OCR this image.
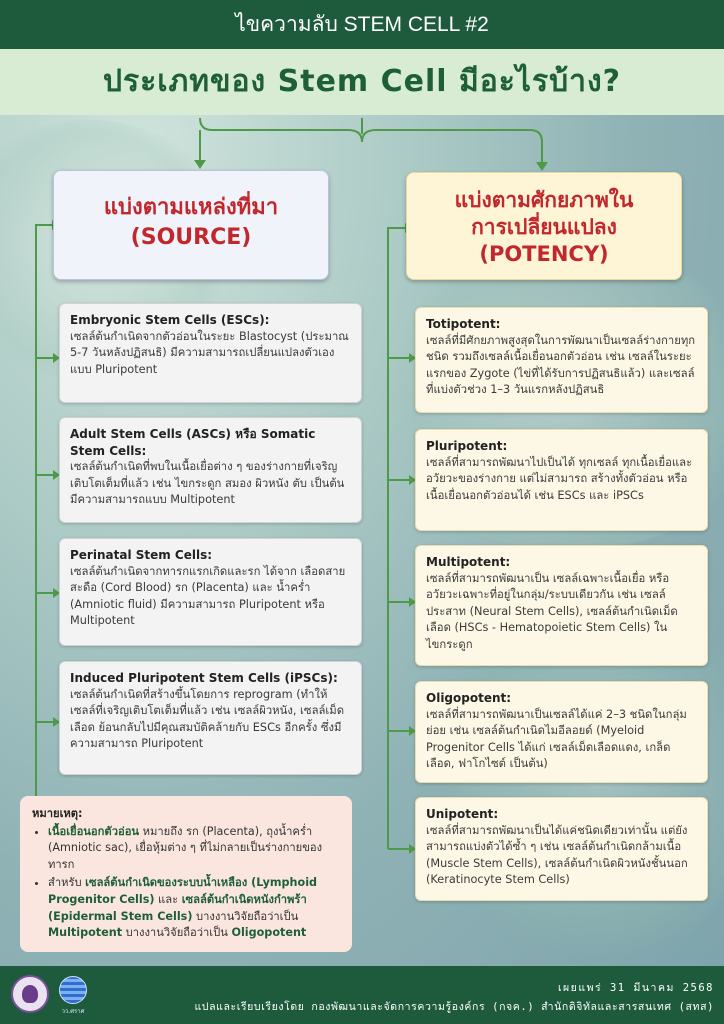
ไขความลับ STEM CELL #2
ประเภทของ Stem Cell มีอะไรบ้าง?
แบ่งตามแหล่งที่มา
(SOURCE)
แบ่งตามศักยภาพใน
การเปลี่ยนแปลง
(POTENCY)
Embryonic Stem Cells (ESCs):
เซลล์ต้นกำเนิดจากตัวอ่อนในระยะ Blastocyst (ประมาณ 5-7 วันหลังปฏิสนธิ) มีความสามารถเปลี่ยนแปลงตัวเองแบบ Pluripotent
Adult Stem Cells (ASCs) หรือ Somatic Stem Cells:
เซลล์ต้นกำเนิดที่พบในเนื้อเยื่อต่าง ๆ ของร่างกายที่เจริญเติบโตเต็มที่แล้ว เช่น ไขกระดูก สมอง ผิวหนัง ตับ เป็นต้น มีความสามารถแบบ Multipotent
Perinatal Stem Cells:
เซลล์ต้นกำเนิดจากทารกแรกเกิดและรก ได้จาก เลือดสายสะดือ (Cord Blood) รก (Placenta) และ น้ำคร่ำ (Amniotic fluid) มีความสามารถ Pluripotent หรือ Multipotent
Induced Pluripotent Stem Cells (iPSCs):
เซลล์ต้นกำเนิดที่สร้างขึ้นโดยการ reprogram (ทำให้เซลล์ที่เจริญเติบโตเต็มที่แล้ว เช่น เซลล์ผิวหนัง, เซลล์เม็ดเลือด ย้อนกลับไปมีคุณสมบัติคล้ายกับ ESCs อีกครั้ง ซึ่งมีความสามารถ Pluripotent
Totipotent:
เซลล์ที่มีศักยภาพสูงสุดในการพัฒนาเป็นเซลล์ร่างกายทุกชนิด รวมถึงเซลล์เนื้อเยื่อนอกตัวอ่อน เช่น เซลล์ในระยะแรกของ Zygote (ไข่ที่ได้รับการปฏิสนธิแล้ว) และเซลล์ที่แบ่งตัวช่วง 1–3 วันแรกหลังปฏิสนธิ
Pluripotent:
เซลล์ที่สามารถพัฒนาไปเป็นได้ ทุกเซลล์ ทุกเนื้อเยื่อและอวัยวะของร่างกาย แต่ไม่สามารถ สร้างทั้งตัวอ่อน หรือ เนื้อเยื่อนอกตัวอ่อนได้ เช่น ESCs และ iPSCs
Multipotent:
เซลล์ที่สามารถพัฒนาเป็น เซลล์เฉพาะเนื้อเยื่อ หรืออวัยวะเฉพาะที่อยู่ในกลุ่ม/ระบบเดียวกัน เช่น เซลล์ประสาท (Neural Stem Cells), เซลล์ต้นกำเนิดเม็ดเลือด (HSCs - Hematopoietic Stem Cells) ในไขกระดูก
Oligopotent:
เซลล์ที่สามารถพัฒนาเป็นเซลล์ได้แค่ 2–3 ชนิดในกลุ่มย่อย เช่น เซลล์ต้นกำเนิดไมอีลอยด์ (Myeloid Progenitor Cells ได้แก่ เซลล์เม็ดเลือดแดง, เกล็ดเลือด, ฟาโกไซต์ เป็นต้น)
Unipotent:
เซลล์ที่สามารถพัฒนาเป็นได้แค่ชนิดเดียวเท่านั้น แต่ยังสามารถแบ่งตัวได้ซ้ำ ๆ เช่น เซลล์ต้นกำเนิดกล้ามเนื้อ (Muscle Stem Cells), เซลล์ต้นกำเนิดผิวหนังชั้นนอก (Keratinocyte Stem Cells)
หมายเหตุ:
• เนื้อเยื่อนอกตัวอ่อน หมายถึง รก (Placenta), ถุงน้ำคร่ำ (Amniotic sac), เยื่อหุ้มต่าง ๆ ที่ไม่กลายเป็นร่างกายของทารก
• สำหรับ เซลล์ต้นกำเนิดของระบบน้ำเหลือง (Lymphoid Progenitor Cells) และ เซลล์ต้นกำเนิดหนังกำพร้า (Epidermal Stem Cells) บางงานวิจัยถือว่าเป็น Multipotent บางงานวิจัยถือว่าเป็น Oligopotent
วว.ศราศ
เผยแพร่ 31 มีนาคม 2568
แปลและเรียบเรียงโดย กองพัฒนาและจัดการความรู้องค์กร (กจค.) สำนักดิจิทัลและสารสนเทศ (สทส)
